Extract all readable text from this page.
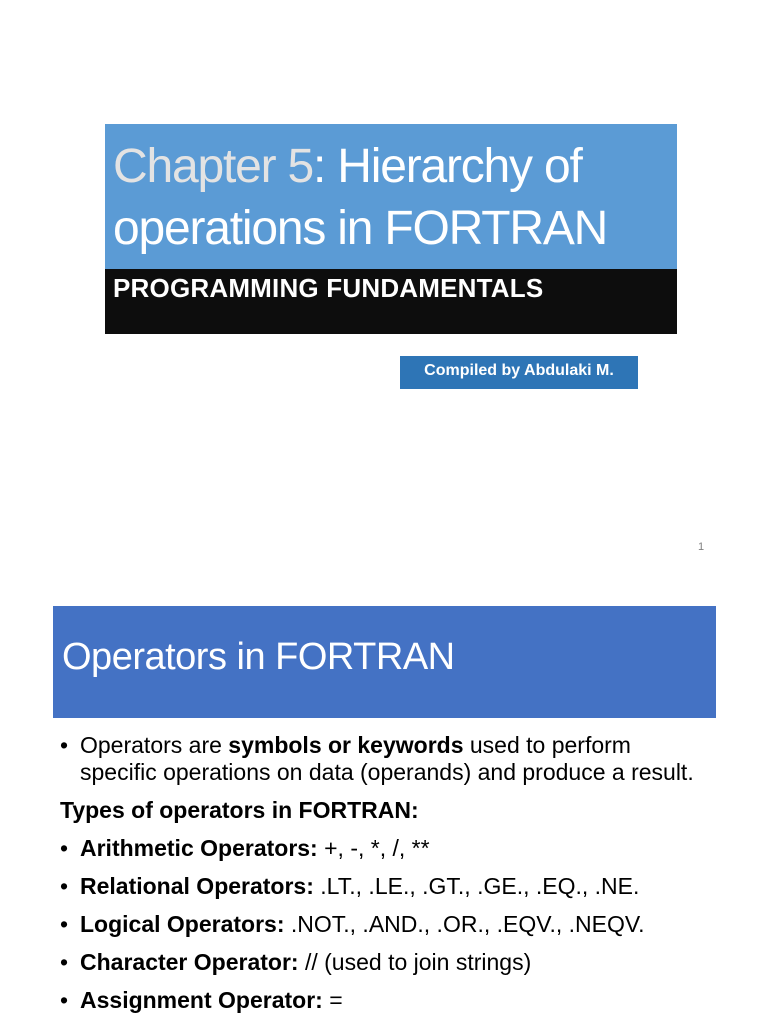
Chapter 5: Hierarchy of operations in FORTRAN
PROGRAMMING FUNDAMENTALS
Compiled by Abdulaki M.
1
Operators in FORTRAN
• Operators are symbols or keywords used to perform specific operations on data (operands) and produce a result.
Types of operators in FORTRAN:
• Arithmetic Operators: +, -, *, /, **
• Relational Operators: .LT., .LE., .GT., .GE., .EQ., .NE.
• Logical Operators: .NOT., .AND., .OR., .EQV., .NEQV.
• Character Operator: // (used to join strings)
• Assignment Operator: =
